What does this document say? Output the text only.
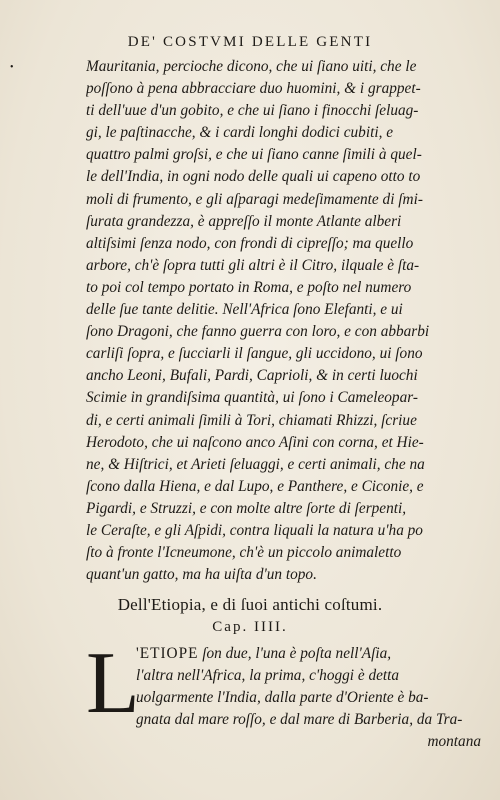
DE' COSTVMI DELLE GENTI
•	Mauritania, percioche dicono, che ui ſiano uiti, che le
poſſono à pena abbracciare duo huomini, & i grappet-
ti dell'uue d'un gobito, e che ui ſiano i finocchi ſeluag-
gi, le paſtinacche, & i cardi longhi dodici cubiti, e
quattro palmi groſsi, e che ui ſiano canne ſimili à quel-
le dell'India, in ogni nodo delle quali ui capeno otto to
moli di frumento, e gli aſparagi medeſimamente di ſmi-
ſurata grandezza, è appreſſo il monte Atlante alberi
altiſsimi ſenza nodo, con frondi di cipreſſo; ma quello
arbore, ch'è ſopra tutti gli altri è il Citro, ilquale è ſta-
to poi col tempo portato in Roma, e poſto nel numero
delle ſue tante delitie. Nell'Africa ſono Elefanti, e ui
ſono Dragoni, che fanno guerra con loro, e con abbarbi
carliſi ſopra, e ſucciarli il ſangue, gli uccidono, ui ſono
ancho Leoni, Bufali, Pardi, Caprioli, & in certi luochi
Scimie in grandiſsima quantità, ui ſono i Cameleopar-
di, e certi animali ſimili à Tori, chiamati Rhizzi, ſcriue
Herodoto, che ui naſcono anco Aſini con corna, et Hie-
ne, & Hiſtrici, et Arieti ſeluaggi, e certi animali, che na
ſcono dalla Hiena, e dal Lupo, e Panthere, e Ciconie, e
Pigardi, e Struzzi, e con molte altre ſorte di ſerpenti,
le Ceraſte, e gli Aſpidi, contra liquali la natura u'ha po
ſto à fronte l'Icneumone, ch'è un piccolo animaletto
quant'un gatto, ma ha uiſta d'un topo.
Dell'Etiopia, e di ſuoi antichi coſtumi.
Cap. IIII.
L
'ETIOPE ſon due, l'una è poſta nell'Aſia,
l'altra nell'Africa, la prima, c'hoggi è detta
uolgarmente l'India, dalla parte d'Oriente è ba-
gnata dal mare roſſo, e dal mare di Barberia, da Tra-
montana
